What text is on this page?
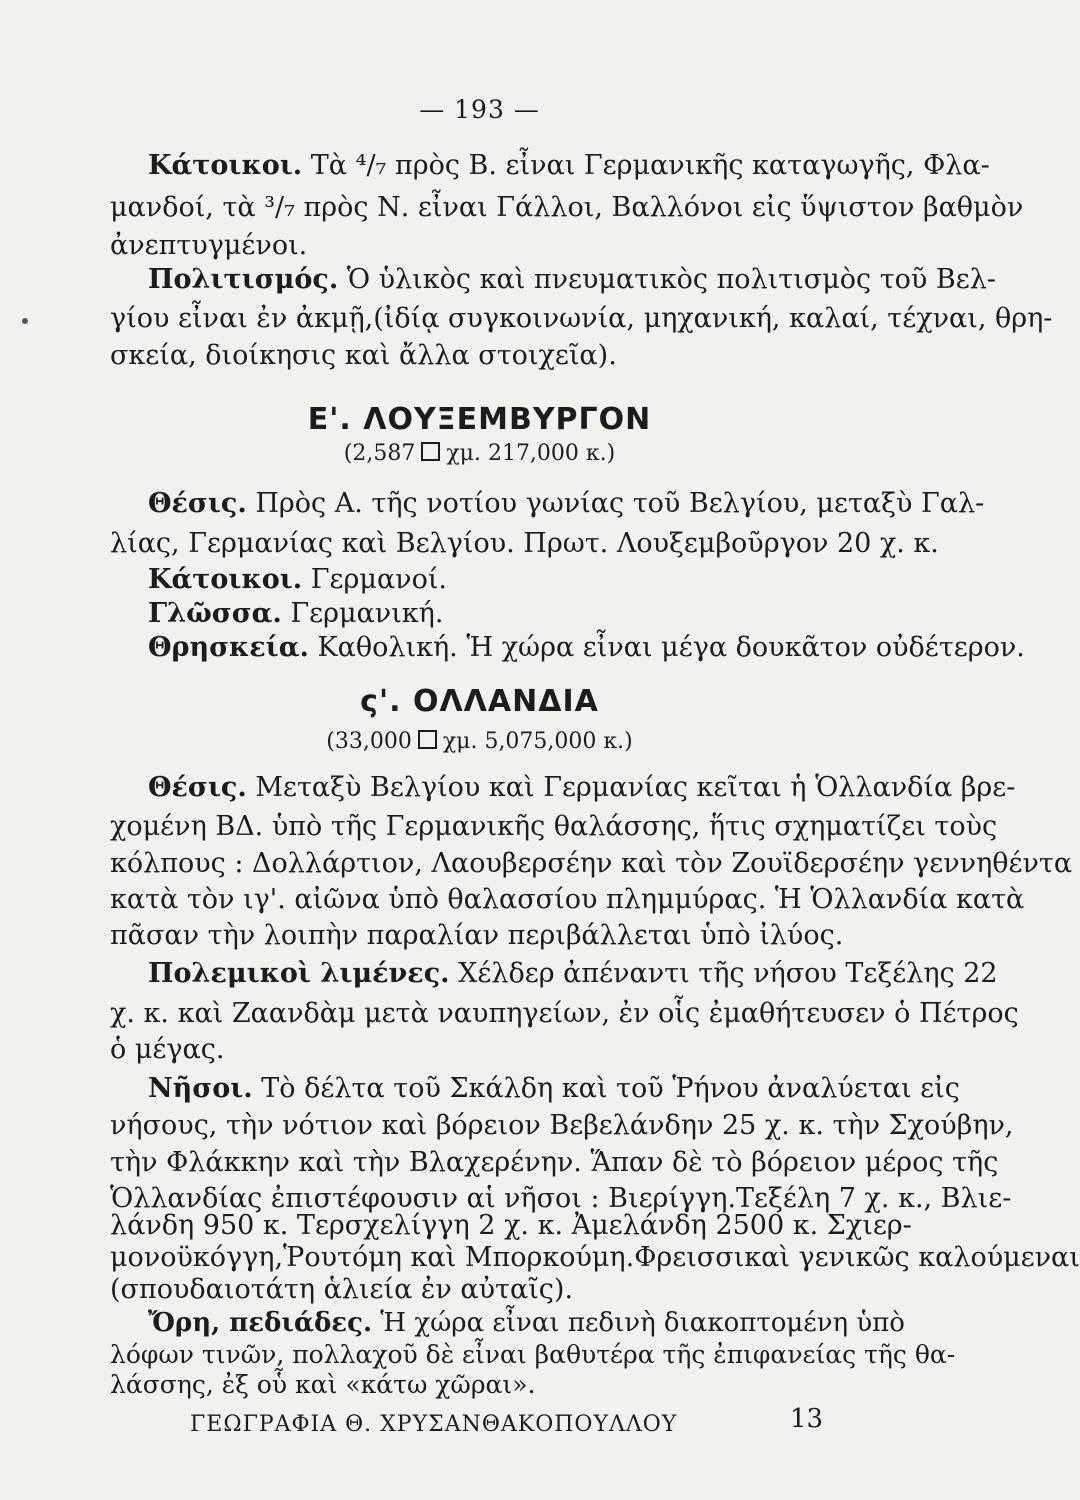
— 193 —
Κάτοικοι. Τὰ ⁴/₇ πρὸς Β. εἶναι Γερμανικῆς καταγωγῆς, Φλα-
μανδοί, τὰ ³/₇ πρὸς Ν. εἶναι Γάλλοι, Βαλλόνοι εἰς ὕψιστον βαθμὸν
ἀνεπτυγμένοι.
Πολιτισμός. Ὁ ὑλικὸς καὶ πνευματικὸς πολιτισμὸς τοῦ Βελ-
γίου εἶναι ἐν ἀκμῇ,(ἰδίᾳ συγκοινωνία, μηχανική, καλαί, τέχναι, θρη-
σκεία, διοίκησις καὶ ἄλλα στοιχεῖα).
Ε'. ΛΟΥΞΕΜΒΥΡΓΟΝ
(2,587 χμ. 217,000 κ.)
Θέσις. Πρὸς Α. τῆς νοτίου γωνίας τοῦ Βελγίου, μεταξὺ Γαλ-
λίας, Γερμανίας καὶ Βελγίου. Πρωτ. Λουξεμβοῦργον 20 χ. κ.
Κάτοικοι. Γερμανοί.
Γλῶσσα. Γερμανική.
Θρησκεία. Καθολική. Ἡ χώρα εἶναι μέγα δουκᾶτον οὐδέτερον.
ς'. ΟΛΛΑΝΔΙΑ
(33,000 χμ. 5,075,000 κ.)
Θέσις. Μεταξὺ Βελγίου καὶ Γερμανίας κεῖται ἡ Ὁλλανδία βρε-
χομένη ΒΔ. ὑπὸ τῆς Γερμανικῆς θαλάσσης, ἥτις σχηματίζει τοὺς
κόλπους : Δολλάρτιον, Λαουβερσέην καὶ τὸν Ζουϊδερσέην γεννηθέντα
κατὰ τὸν ιγ'. αἰῶνα ὑπὸ θαλασσίου πλημμύρας. Ἡ Ὁλλανδία κατὰ
πᾶσαν τὴν λοιπὴν παραλίαν περιβάλλεται ὑπὸ ἰλύος.
Πολεμικοὶ λιμένες. Χέλδερ ἀπέναντι τῆς νήσου Τεξέλης 22
χ. κ. καὶ Ζαανδὰμ μετὰ ναυπηγείων, ἐν οἷς ἐμαθήτευσεν ὁ Πέτρος
ὁ μέγας.
Νῆσοι. Τὸ δέλτα τοῦ Σκάλδη καὶ τοῦ Ῥήνου ἀναλύεται εἰς
νήσους, τὴν νότιον καὶ βόρειον Βεβελάνδην 25 χ. κ. τὴν Σχούβην,
τὴν Φλάκκην καὶ τὴν Βλαχερένην. Ἅπαν δὲ τὸ βόρειον μέρος τῆς
Ὁλλανδίας ἐπιστέφουσιν αἱ νῆσοι : Βιερίγγη.Τεξέλη 7 χ. κ., Βλιε-
λάνδη 950 κ. Τερσχελίγγη 2 χ. κ. Ἀμελάνδη 2500 κ. Σχιερ-
μονοϋκόγγη,Ῥουτόμη καὶ Μπορκούμη.Φρεισσικαὶ γενικῶς καλούμεναι
(σπουδαιοτάτη ἁλιεία ἐν αὐταῖς).
Ὄρη, πεδιάδες. Ἡ χώρα εἶναι πεδινὴ διακοπτομένη ὑπὸ
ΓΕΩΓΡΑΦΙΑ Θ. ΧΡΥΣΑΝΘΑΚΟΠΟΥΛΛΟΥ	13
λόφων τινῶν, πολλαχοῦ δὲ εἶναι βαθυτέρα τῆς ἐπιφανείας τῆς θα-
λάσσης, ἐξ οὗ καὶ «κάτω χῶραι».
